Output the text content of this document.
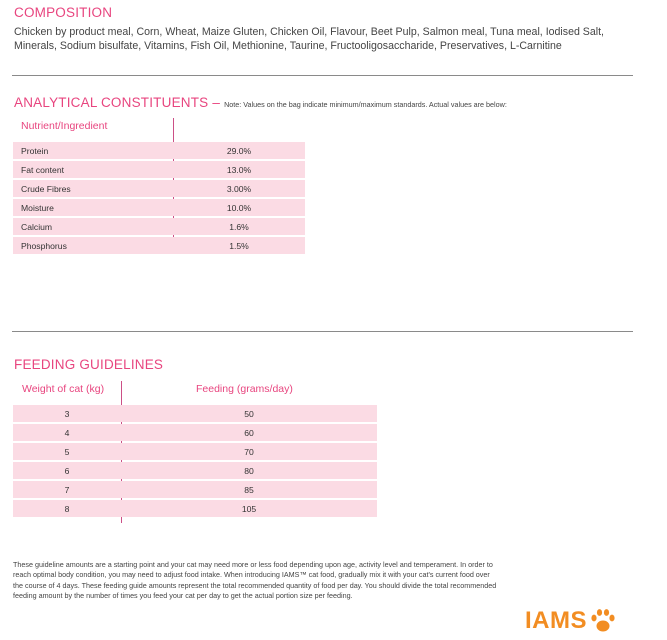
COMPOSITION
Chicken by product meal, Corn, Wheat, Maize Gluten, Chicken Oil, Flavour, Beet Pulp, Salmon meal, Tuna meal, Iodised Salt, Minerals, Sodium bisulfate, Vitamins, Fish Oil, Methionine, Taurine, Fructooligosaccharide, Preservatives, L-Carnitine
ANALYTICAL CONSTITUENTS – Note: Values on the bag indicate minimum/maximum standards. Actual values are below:
Nutrient/Ingredient
Protein	29.0%
Fat content	13.0%
Crude Fibres	3.00%
Moisture	10.0%
Calcium	1.6%
Phosphorus	1.5%
FEEDING GUIDELINES
Weight of cat (kg)	Feeding (grams/day)
3	50
4	60
5	70
6	80
7	85
8	105
These guideline amounts are a starting point and your cat may need more or less food depending upon age, activity level and temperament. In order to reach optimal body condition, you may need to adjust food intake. When introducing IAMS™ cat food, gradually mix it with your cat's current food over the course of 4 days. These feeding guide amounts represent the total recommended quantity of food per day. You should divide the total recommended feeding amount by the number of times you feed your cat per day to get the actual portion size per feeding.
IAMS
